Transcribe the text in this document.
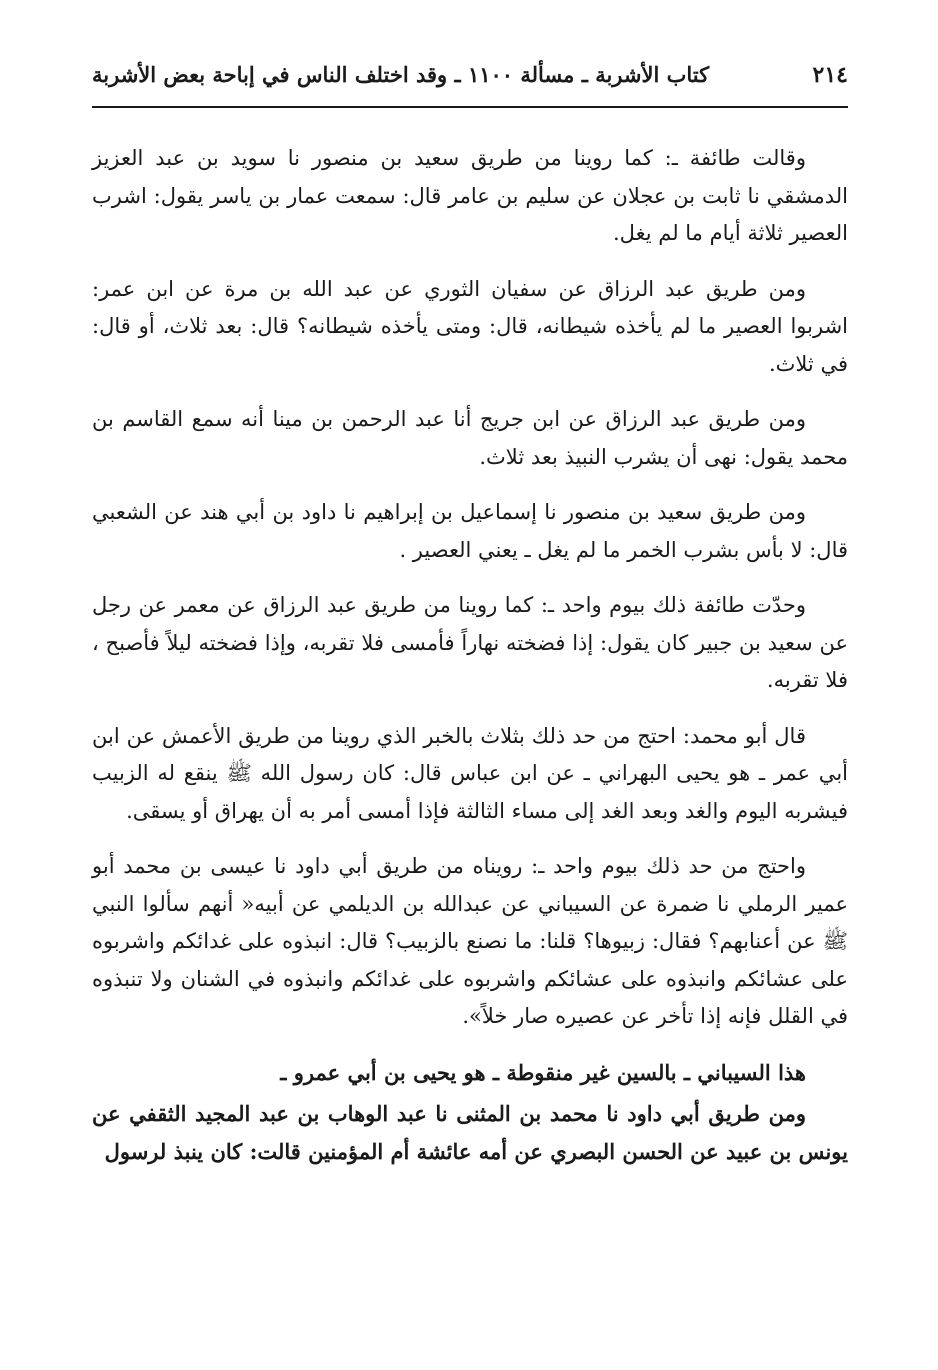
كتاب الأشربة ـ مسألة ١١٠٠ ـ وقد اختلف الناس في إباحة بعض الأشربة	٢١٤

وقالت طائفة ـ: كما روينا من طريق سعيد بن منصور نا سويد بن عبد العزيز الدمشقي نا ثابت بن عجلان عن سليم بن عامر قال: سمعت عمار بن ياسر يقول: اشرب العصير ثلاثة أيام ما لم يغل.

ومن طريق عبد الرزاق عن سفيان الثوري عن عبد الله بن مرة عن ابن عمر: اشربوا العصير ما لم يأخذه شيطانه، قال: ومتى يأخذه شيطانه؟ قال: بعد ثلاث، أو قال: في ثلاث.

ومن طريق عبد الرزاق عن ابن جريج أنا عبد الرحمن بن مينا أنه سمع القاسم بن محمد يقول: نهى أن يشرب النبيذ بعد ثلاث.

ومن طريق سعيد بن منصور نا إسماعيل بن إبراهيم نا داود بن أبي هند عن الشعبي قال: لا بأس بشرب الخمر ما لم يغل ـ يعني العصير .

وحدّت طائفة ذلك بيوم واحد ـ: كما روينا من طريق عبد الرزاق عن معمر عن رجل عن سعيد بن جبير كان يقول: إذا فضخته نهاراً فأمسى فلا تقربه، وإذا فضخته ليلاً فأصبح ، فلا تقربه.

قال أبو محمد: احتج من حد ذلك بثلاث بالخبر الذي روينا من طريق الأعمش عن ابن أبي عمر ـ هو يحيى البهراني ـ عن ابن عباس قال: كان رسول الله ﷺ ينقع له الزبيب فيشربه اليوم والغد وبعد الغد إلى مساء الثالثة فإذا أمسى أمر به أن يهراق أو يسقى.

واحتج من حد ذلك بيوم واحد ـ: رويناه من طريق أبي داود نا عيسى بن محمد أبو عمير الرملي نا ضمرة عن السيباني عن عبدالله بن الديلمي عن أبيه« أنهم سألوا النبي ﷺ عن أعنابهم؟ فقال: زبيوها؟ قلنا: ما نصنع بالزبيب؟ قال: انبذوه على غدائكم واشربوه على عشائكم وانبذوه على عشائكم واشربوه على غدائكم وانبذوه في الشنان ولا تنبذوه في القلل فإنه إذا تأخر عن عصيره صار خلاً».

هذا السيباني ـ بالسين غير منقوطة ـ هو يحيى بن أبي عمرو ـ

ومن طريق أبي داود نا محمد بن المثنى نا عبد الوهاب بن عبد المجيد الثقفي عن يونس بن عبيد عن الحسن البصري عن أمه عائشة أم المؤمنين قالت: كان ينبذ لرسول
